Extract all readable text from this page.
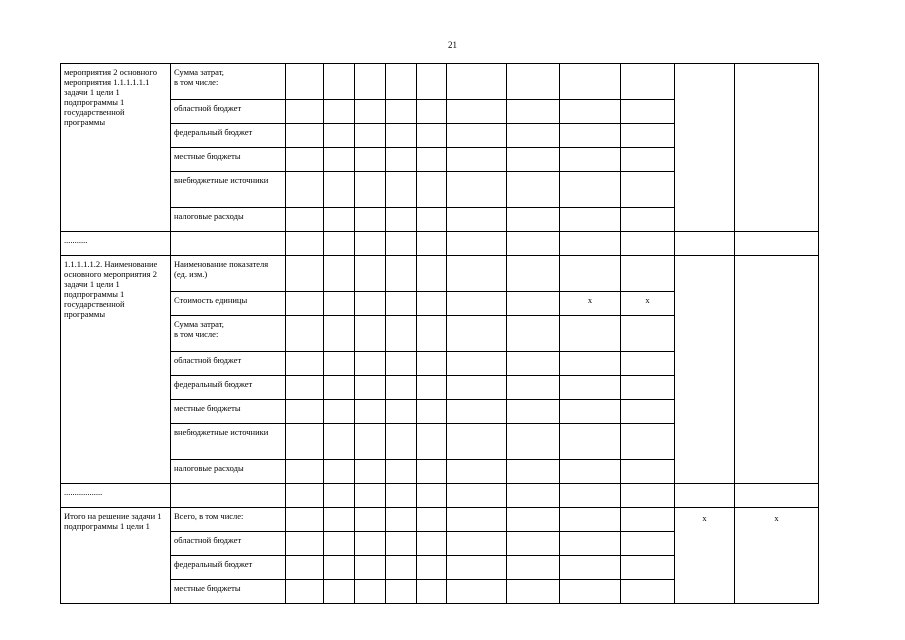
21
мероприятия 2 основного мероприятия 1.1.1.1.1.1 задачи 1 цели 1 подпрограммы 1 государственной программы	Сумма затрат,
в том числе:											
	областной бюджет											
	федеральный бюджет											
	местные бюджеты											
	внебюджетные источники											
	налоговые расходы											
...........												
1.1.1.1.1.2. Наименование основного мероприятия 2 задачи 1 цели 1 подпрограммы 1 государственной программы	Наименование показателя (ед. изм.)											
	Стоимость единицы								х	х		
	Сумма затрат,
в том числе:											
	областной бюджет											
	федеральный бюджет											
	местные бюджеты											
	внебюджетные источники											
	налоговые расходы											
..................												
Итого на решение задачи 1 подпрограммы 1 цели 1	Всего, в том числе:										х	х
	областной бюджет											
	федеральный бюджет											
	местные бюджеты											
